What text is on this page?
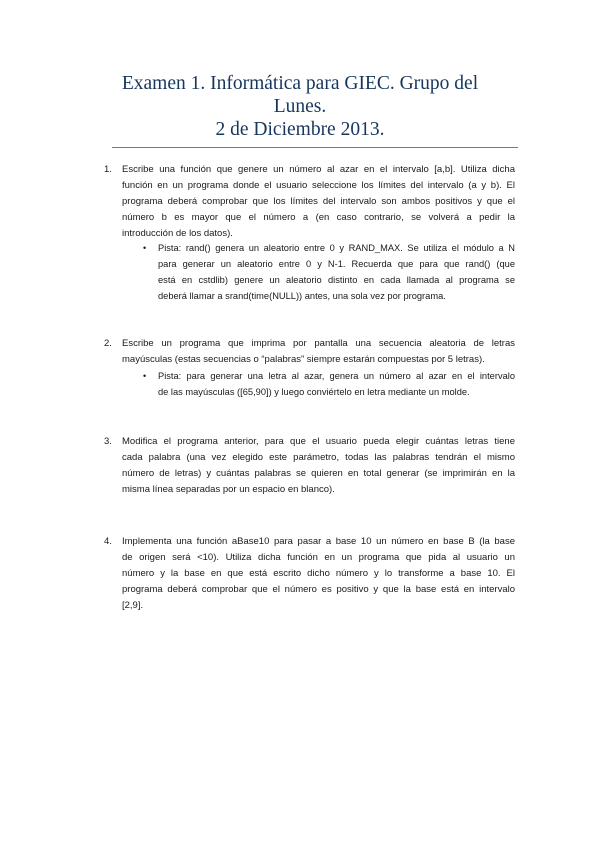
Examen 1. Informática para GIEC. Grupo del
Lunes.
2 de Diciembre 2013.
1. Escribe una función que genere un número al azar en el intervalo [a,b]. Utiliza dicha
función en un programa donde el usuario seleccione los límites del intervalo (a y b). El
programa deberá comprobar que los límites del intervalo son ambos positivos y que el
número b es mayor que el número a (en caso contrario, se volverá a pedir la
introducción de los datos).
• Pista: rand() genera un aleatorio entre 0 y RAND_MAX. Se utiliza el módulo a N
para generar un aleatorio entre 0 y N-1. Recuerda que para que rand() (que
está en cstdlib) genere un aleatorio distinto en cada llamada al programa se
deberá llamar a srand(time(NULL)) antes, una sola vez por programa.
2. Escribe un programa que imprima por pantalla una secuencia aleatoria de letras
mayúsculas (estas secuencias o “palabras” siempre estarán compuestas por 5 letras).
• Pista: para generar una letra al azar, genera un número al azar en el intervalo
de las mayúsculas ([65,90]) y luego conviértelo en letra mediante un molde.
3. Modifica el programa anterior, para que el usuario pueda elegir cuántas letras tiene
cada palabra (una vez elegido este parámetro, todas las palabras tendrán el mismo
número de letras) y cuántas palabras se quieren en total generar (se imprimirán en la
misma línea separadas por un espacio en blanco).
4. Implementa una función aBase10 para pasar a base 10 un número en base B (la base
de origen será <10). Utiliza dicha función en un programa que pida al usuario un
número y la base en que está escrito dicho número y lo transforme a base 10. El
programa deberá comprobar que el número es positivo y que la base está en intervalo
[2,9].
